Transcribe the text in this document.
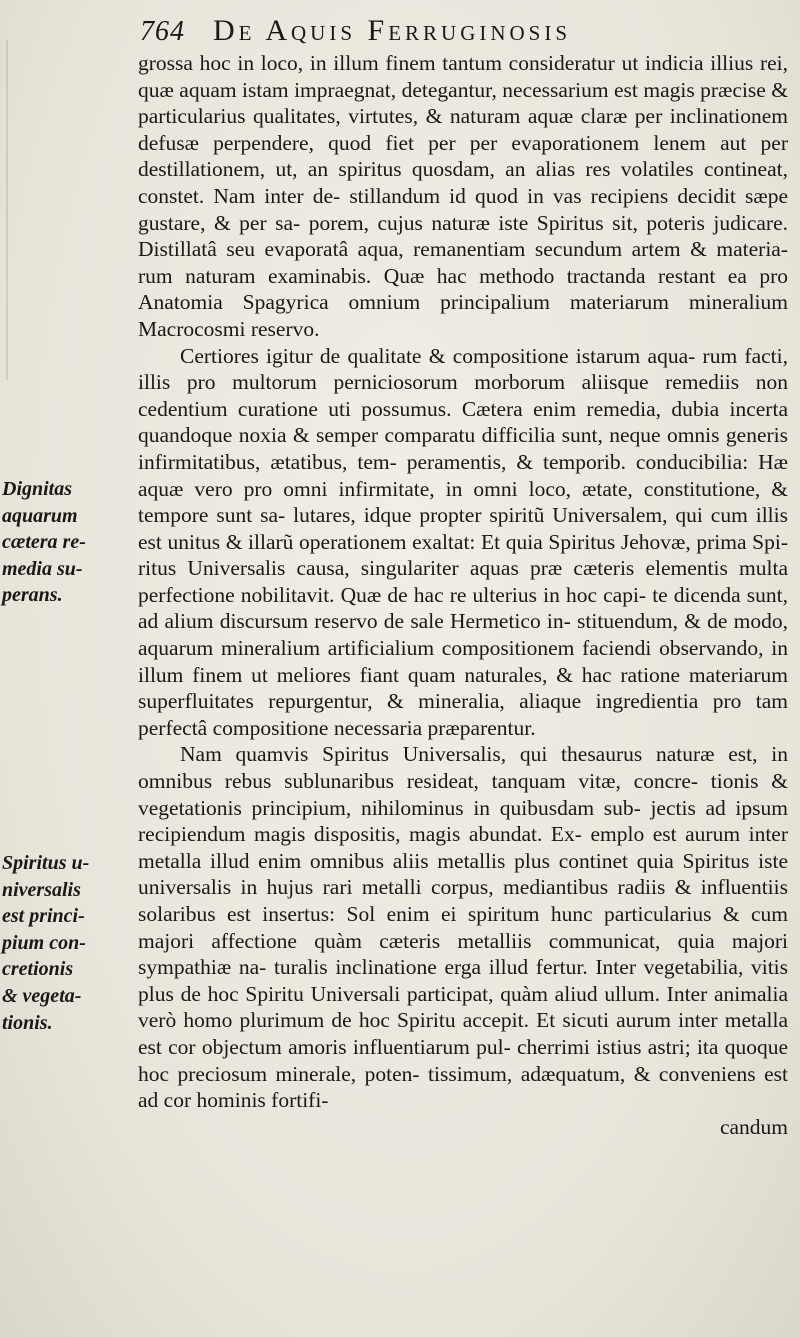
764 De Aquis Ferruginosis

grossa hoc in loco, in illum finem tantum consideratur ut indicia illius rei, quæ aquam istam impraegnat, detegantur, necessarium est magis præcise & particularius qualitates, virtutes, & naturam aquæ claræ per inclinationem defusæ perpendere, quod fiet per per evaporationem lenem aut per destillationem, ut, an spiritus quosdam, an alias res volatiles contineat, constet. Nam inter de- stillandum id quod in vas recipiens decidit sæpe gustare, & per sa- porem, cujus naturæ iste Spiritus sit, poteris judicare. Distillatâ seu evaporatâ aqua, remanentiam secundum artem & materia- rum naturam examinabis. Quæ hac methodo tractanda restant ea pro Anatomia Spagyrica omnium principalium materiarum mineralium Macrocosmi reservo.

Certiores igitur de qualitate & compositione istarum aqua- rum facti, illis pro multorum perniciosorum morborum aliisque remediis non cedentium curatione uti possumus. Cætera enim remedia, dubia incerta quandoque noxia & semper comparatu difficilia sunt, neque omnis generis infirmitatibus, ætatibus, tem- peramentis, & temporib. conducibilia: Hæ aquæ vero pro omni infirmitate, in omni loco, ætate, constitutione, & tempore sunt sa- lutares, idque propter spiritũ Universalem, qui cum illis est unitus & illarũ operationem exaltat: Et quia Spiritus Jehovæ, prima Spi- ritus Universalis causa, singulariter aquas præ cæteris elementis multa perfectione nobilitavit. Quæ de hac re ulterius in hoc capi- te dicenda sunt, ad alium discursum reservo de sale Hermetico in- stituendum, & de modo, aquarum mineralium artificialium compositionem faciendi observando, in illum finem ut meliores fiant quam naturales, & hac ratione materiarum superfluitates repurgentur, & mineralia, aliaque ingredientia pro tam perfectâ compositione necessaria præparentur.

Nam quamvis Spiritus Universalis, qui thesaurus naturæ est, in omnibus rebus sublunaribus resideat, tanquam vitæ, concre- tionis & vegetationis principium, nihilominus in quibusdam sub- jectis ad ipsum recipiendum magis dispositis, magis abundat. Ex- emplo est aurum inter metalla illud enim omnibus aliis metallis plus continet quia Spiritus iste universalis in hujus rari metalli corpus, mediantibus radiis & influentiis solaribus est insertus: Sol enim ei spiritum hunc particularius & cum majori affectione quàm cæteris metalliis communicat, quia majori sympathiæ na- turalis inclinatione erga illud fertur. Inter vegetabilia, vitis plus de hoc Spiritu Universali participat, quàm aliud ullum. Inter animalia verò homo plurimum de hoc Spiritu accepit. Et sicuti aurum inter metalla est cor objectum amoris influentiarum pul- cherrimi istius astri; ita quoque hoc preciosum minerale, poten- tissimum, adæquatum, & conveniens est ad cor hominis fortifi-
candum

Dignitas
aquarum
cætera re-
media su-
perans.
Spiritus u-
niversalis
est princi-
pium con-
cretionis
& vegeta-
tionis.
